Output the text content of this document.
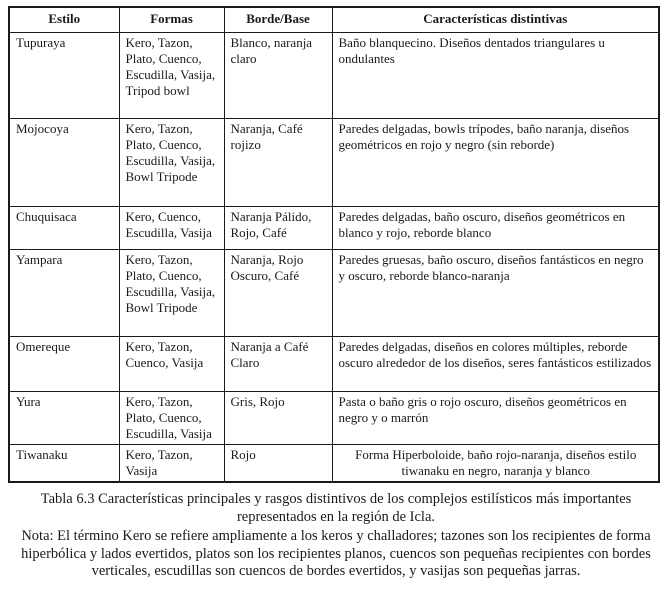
Estilo	Formas	Borde/Base	Características distintivas
Tupuraya	Kero, Tazon, Plato, Cuenco, Escudilla, Vasija, Tripod bowl	Blanco, naranja claro	Baño blanquecino. Diseños dentados triangulares u ondulantes
Mojocoya	Kero, Tazon, Plato, Cuenco, Escudilla, Vasija, Bowl Tripode	Naranja, Café rojizo	Paredes delgadas, bowls trípodes, baño naranja, diseños geométricos en rojo y negro (sin reborde)
Chuquisaca	Kero, Cuenco, Escudilla, Vasija	Naranja Pálido, Rojo, Café	Paredes delgadas, baño oscuro, diseños geométricos en blanco y rojo, reborde blanco
Yampara	Kero, Tazon, Plato, Cuenco, Escudilla, Vasija, Bowl Tripode	Naranja, Rojo Oscuro, Café	Paredes gruesas, baño oscuro, diseños fantásticos en negro y oscuro, reborde blanco-naranja
Omereque	Kero, Tazon, Cuenco, Vasija	Naranja a Café Claro	Paredes delgadas, diseños en colores múltiples, reborde oscuro alrededor de los diseños, seres fantásticos estilizados
Yura	Kero, Tazon, Plato, Cuenco, Escudilla, Vasija	Gris, Rojo	Pasta o baño gris o rojo oscuro, diseños geométricos en negro y o marrón
Tiwanaku	Kero, Tazon, Vasija	Rojo	Forma Hiperboloide, baño rojo-naranja, diseños estilo tiwanaku en negro, naranja y blanco
Tabla 6.3 Características principales y rasgos distintivos de los complejos estilísticos más importantes representados en la región de Icla.
Nota: El término Kero se refiere ampliamente a los keros y challadores; tazones son los recipientes de forma hiperbólica y lados evertidos, platos son los recipientes planos, cuencos son pequeñas recipientes con bordes verticales, escudillas son cuencos de bordes evertidos, y vasijas son pequeñas jarras.
